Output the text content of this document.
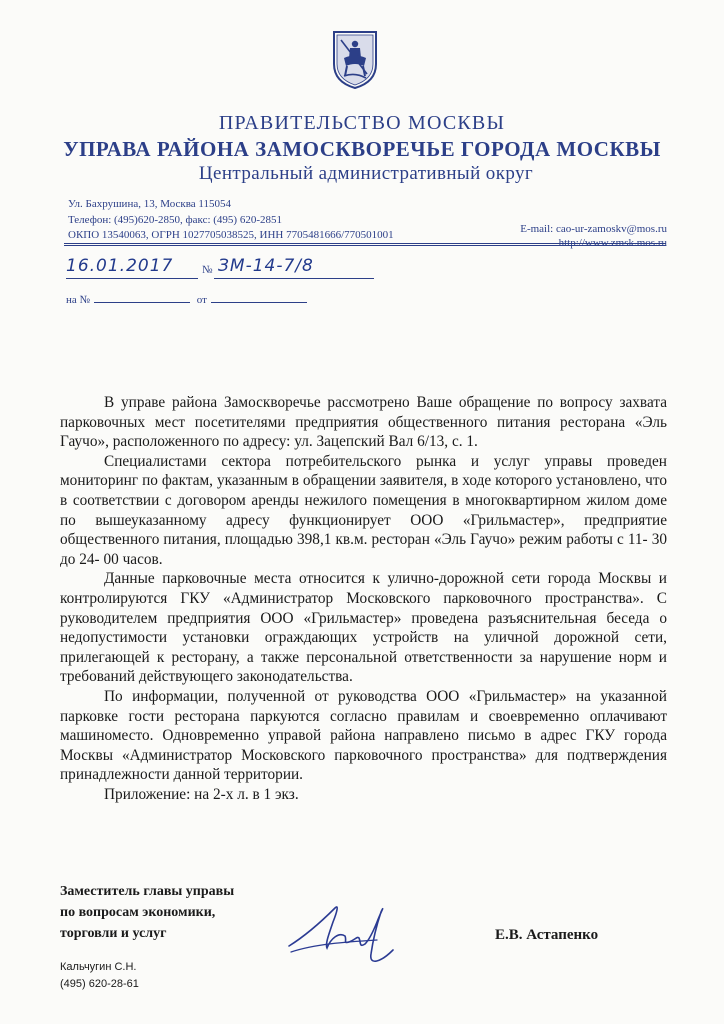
ПРАВИТЕЛЬСТВО МОСКВЫ
УПРАВА РАЙОНА ЗАМОСКВОРЕЧЬЕ ГОРОДА МОСКВЫ
Центральный административный округ
Ул. Бахрушина, 13, Москва 115054
Телефон: (495)620-2850, факс: (495) 620-2851
ОКПО 13540063, ОГРН 1027705038525, ИНН 7705481666/770501001	E-mail: cao-ur-zamoskv@mos.ru
http://www.zmsk.mos.ru
16.01.2017	№ ЗМ-14-7/8
на №	от

В управе района Замоскворечье рассмотрено Ваше обращение по вопросу захвата парковочных мест посетителями предприятия общественного питания ресторана «Эль Гаучо», расположенного по адресу: ул. Зацепский Вал 6/13, с. 1.

Специалистами сектора потребительского рынка и услуг управы проведен мониторинг по фактам, указанным в обращении заявителя, в ходе которого установлено, что в соответствии с договором аренды нежилого помещения в многоквартирном жилом доме по вышеуказанному адресу функционирует ООО «Грильмастер», предприятие общественного питания, площадью 398,1 кв.м. ресторан «Эль Гаучо» режим работы с 11- 30 до 24- 00 часов.

Данные парковочные места относится к улично-дорожной сети города Москвы и контролируются ГКУ «Администратор Московского парковочного пространства». С руководителем предприятия ООО «Грильмастер» проведена разъяснительная беседа о недопустимости установки ограждающих устройств на уличной дорожной сети, прилегающей к ресторану, а также персональной ответственности за нарушение норм и требований действующего законодательства.

По информации, полученной от руководства ООО «Грильмастер» на указанной парковке гости ресторана паркуются согласно правилам и своевременно оплачивают машиноместо. Одновременно управой района направлено письмо в адрес ГКУ города Москвы «Администратор Московского парковочного пространства» для подтверждения принадлежности данной территории.

Приложение: на 2-х л. в 1 экз.

Заместитель главы управы
по вопросам экономики,
торговли и услуг	Е.В. Астапенко
Кальчугин С.Н.
(495) 620-28-61
